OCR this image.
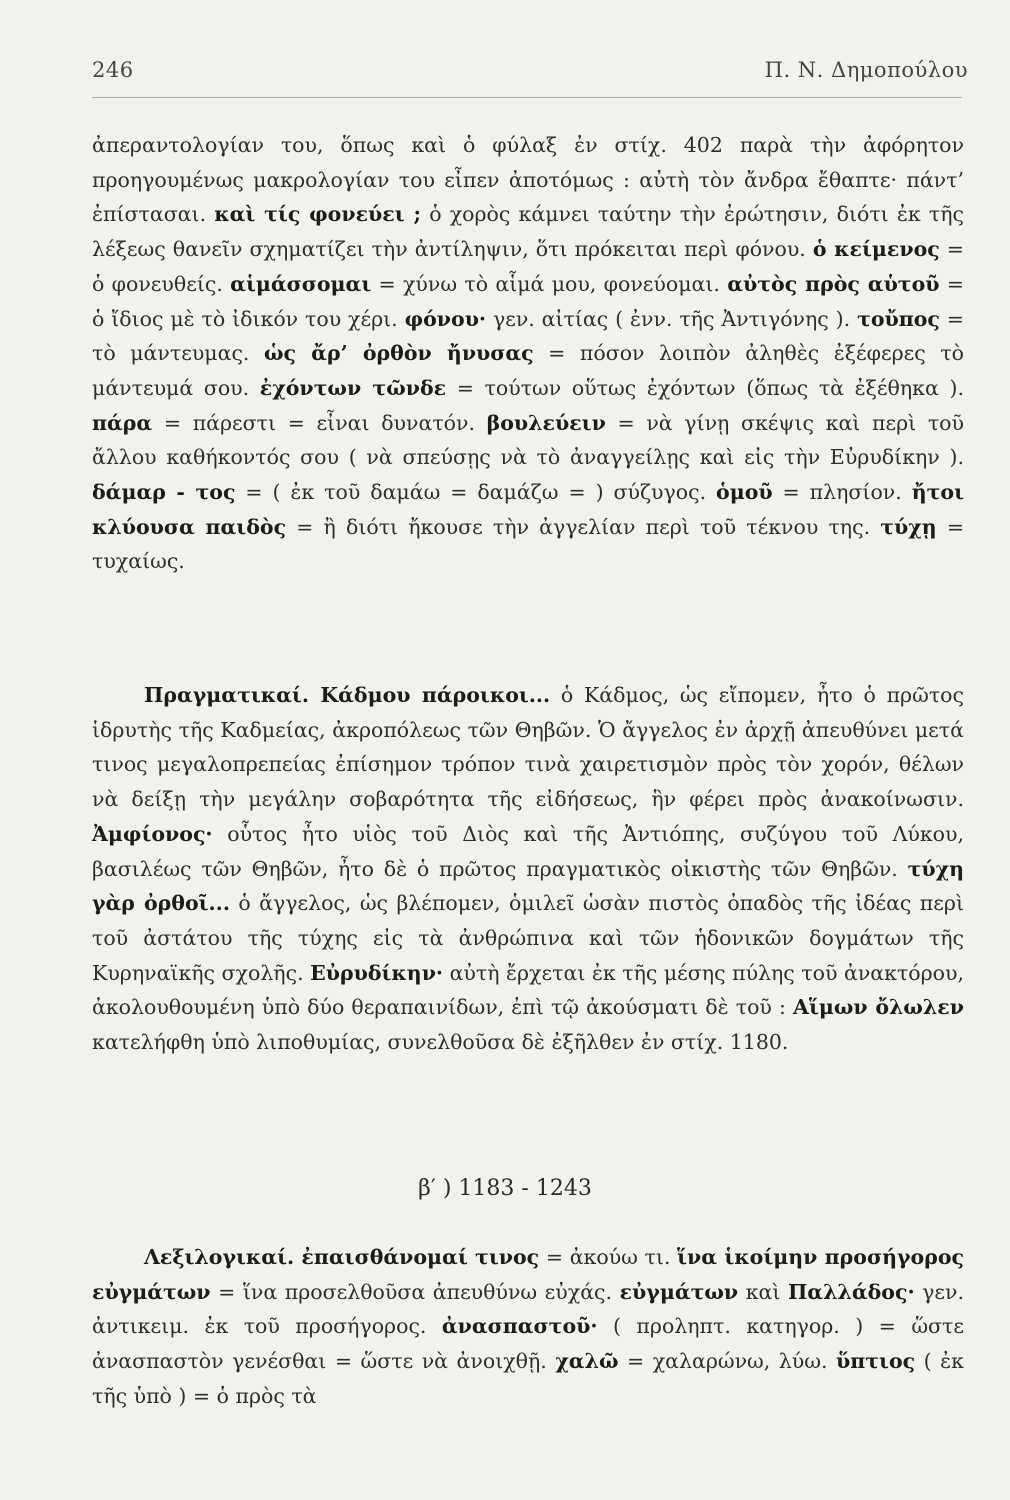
246	Π. Ν. Δημοπούλου
ἀπεραντολογίαν του, ὅπως καὶ ὁ φύλαξ ἐν στίχ. 402 παρὰ τὴν ἀφόρητον προηγουμένως μακρολογίαν του εἶπεν ἀποτόμως : αὐτὴ τὸν ἄνδρα ἔθαπτε· πάντ’ ἐπίστασαι. καὶ τίς φονεύει ; ὁ χορὸς κάμνει ταύτην τὴν ἐρώτησιν, διότι ἐκ τῆς λέξεως θανεῖν σχηματίζει τὴν ἀντίληψιν, ὅτι πρόκειται περὶ φόνου. ὁ κείμενος = ὁ φονευθείς. αἱμάσσομαι = χύνω τὸ αἷμά μου, φονεύομαι. αὐτὸς πρὸς αὑτοῦ = ὁ ἴδιος μὲ τὸ ἰδικόν του χέρι. φόνου· γεν. αἰτίας ( ἐνν. τῆς Ἀντιγόνης ). τοὔπος = τὸ μάντευμας. ὡς ἄρ’ ὀρθὸν ἤνυσας = πόσον λοιπὸν ἀληθὲς ἐξέφερες τὸ μάντευμά σου. ἐχόντων τῶνδε = τούτων οὕτως ἐχόντων (ὅπως τὰ ἐξέθηκα ). πάρα = πάρεστι = εἶναι δυνατόν. βουλεύειν = νὰ γίνῃ σκέψις καὶ περὶ τοῦ ἄλλου καθήκοντός σου ( νὰ σπεύσῃς νὰ τὸ ἀναγγείλῃς καὶ εἰς τὴν Εὐρυδίκην ). δάμαρ - τος = ( ἐκ τοῦ δαμάω = δαμάζω = ) σύζυγος. ὁμοῦ = πλησίον. ἤτοι κλύουσα παιδὸς = ἢ διότι ἤκουσε τὴν ἀγγελίαν περὶ τοῦ τέκνου της. τύχῃ = τυχαίως.
Πραγματικαί. Κάδμου πάροικοι... ὁ Κάδμος, ὡς εἴπομεν, ἦτο ὁ πρῶτος ἱδρυτὴς τῆς Καδμείας, ἀκροπόλεως τῶν Θηβῶν. Ὁ ἄγγελος ἐν ἀρχῇ ἀπευθύνει μετά τινος μεγαλοπρεπείας ἐπίσημον τρόπον τινὰ χαιρετισμὸν πρὸς τὸν χορόν, θέλων νὰ δείξῃ τὴν μεγάλην σοβαρότητα τῆς εἰδήσεως, ἣν φέρει πρὸς ἀνακοίνωσιν. Ἀμφίονος· οὗτος ἦτο υἱὸς τοῦ Διὸς καὶ τῆς Ἀντιόπης, συζύγου τοῦ Λύκου, βασιλέως τῶν Θηβῶν, ἦτο δὲ ὁ πρῶτος πραγματικὸς οἰκιστὴς τῶν Θηβῶν. τύχη γὰρ ὀρθοῖ... ὁ ἄγγελος, ὡς βλέπομεν, ὁμιλεῖ ὡσὰν πιστὸς ὀπαδὸς τῆς ἰδέας περὶ τοῦ ἀστάτου τῆς τύχης εἰς τὰ ἀνθρώπινα καὶ τῶν ἡδονικῶν δογμάτων τῆς Κυρηναϊκῆς σχολῆς. Εὐρυδίκην· αὐτὴ ἔρχεται ἐκ τῆς μέσης πύλης τοῦ ἀνακτόρου, ἀκολουθουμένη ὑπὸ δύο θεραπαινίδων, ἐπὶ τῷ ἀκούσματι δὲ τοῦ : Αἵμων ὄλωλεν κατελήφθη ὑπὸ λιποθυμίας, συνελθοῦσα δὲ ἐξῆλθεν ἐν στίχ. 1180.
β′ ) 1183 - 1243
Λεξιλογικαί. ἐπαισθάνομαί τινος = ἀκούω τι. ἵνα ἱκοίμην προσήγορος εὐγμάτων = ἵνα προσελθοῦσα ἀπευθύνω εὐχάς. εὐγμάτων καὶ Παλλάδος· γεν. ἀντικειμ. ἐκ τοῦ προσήγορος. ἀνασπαστοῦ· ( προληπτ. κατηγορ. ) = ὥστε ἀνασπαστὸν γενέσθαι = ὥστε νὰ ἀνοιχθῇ. χαλῶ = χαλαρώνω, λύω. ὕπτιος ( ἐκ τῆς ὑπὸ ) = ὁ πρὸς τὰ
